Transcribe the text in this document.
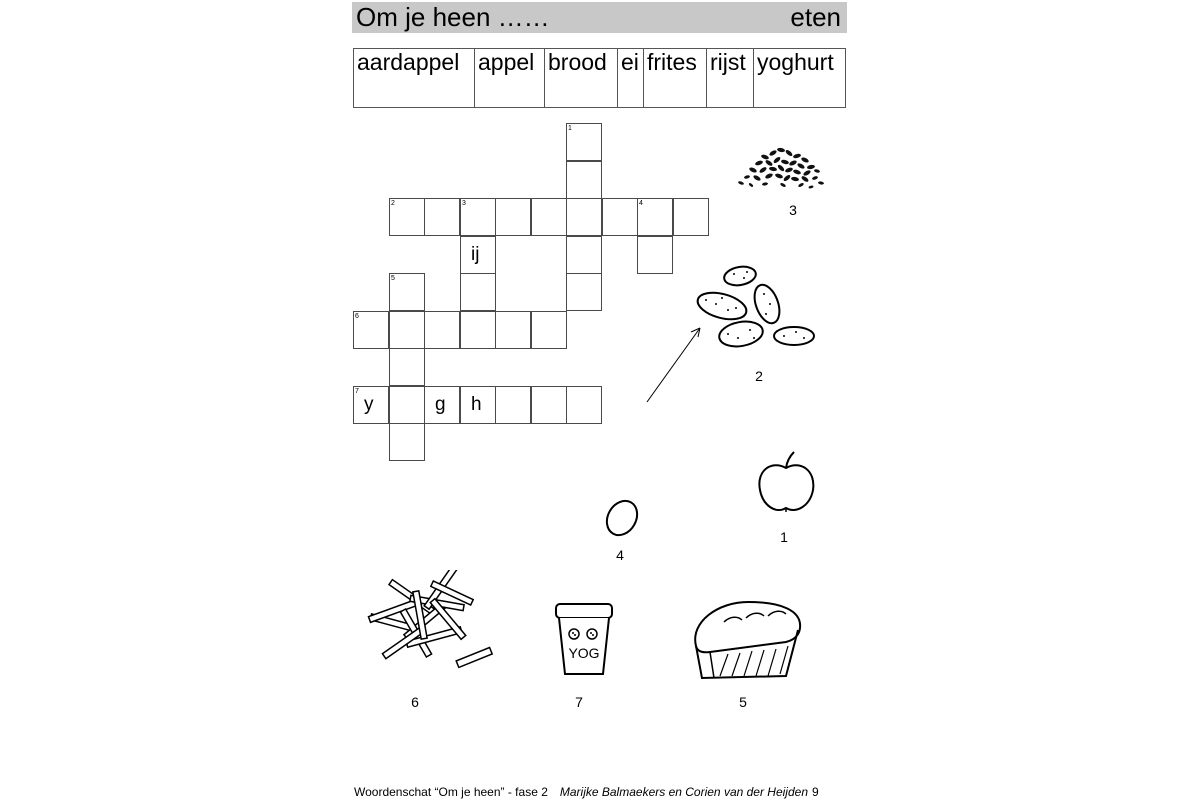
Om je heen ……	eten
aardappel	appel	brood	ei	frites	rijst	yoghurt
1
2	3	4
ij
5
6
7
y	g h
3
2
1
4
6
YOG
7	5
Woordenschat “Om je heen” - fase 2 Marijke Balmaekers en Corien van der Heijden 9
